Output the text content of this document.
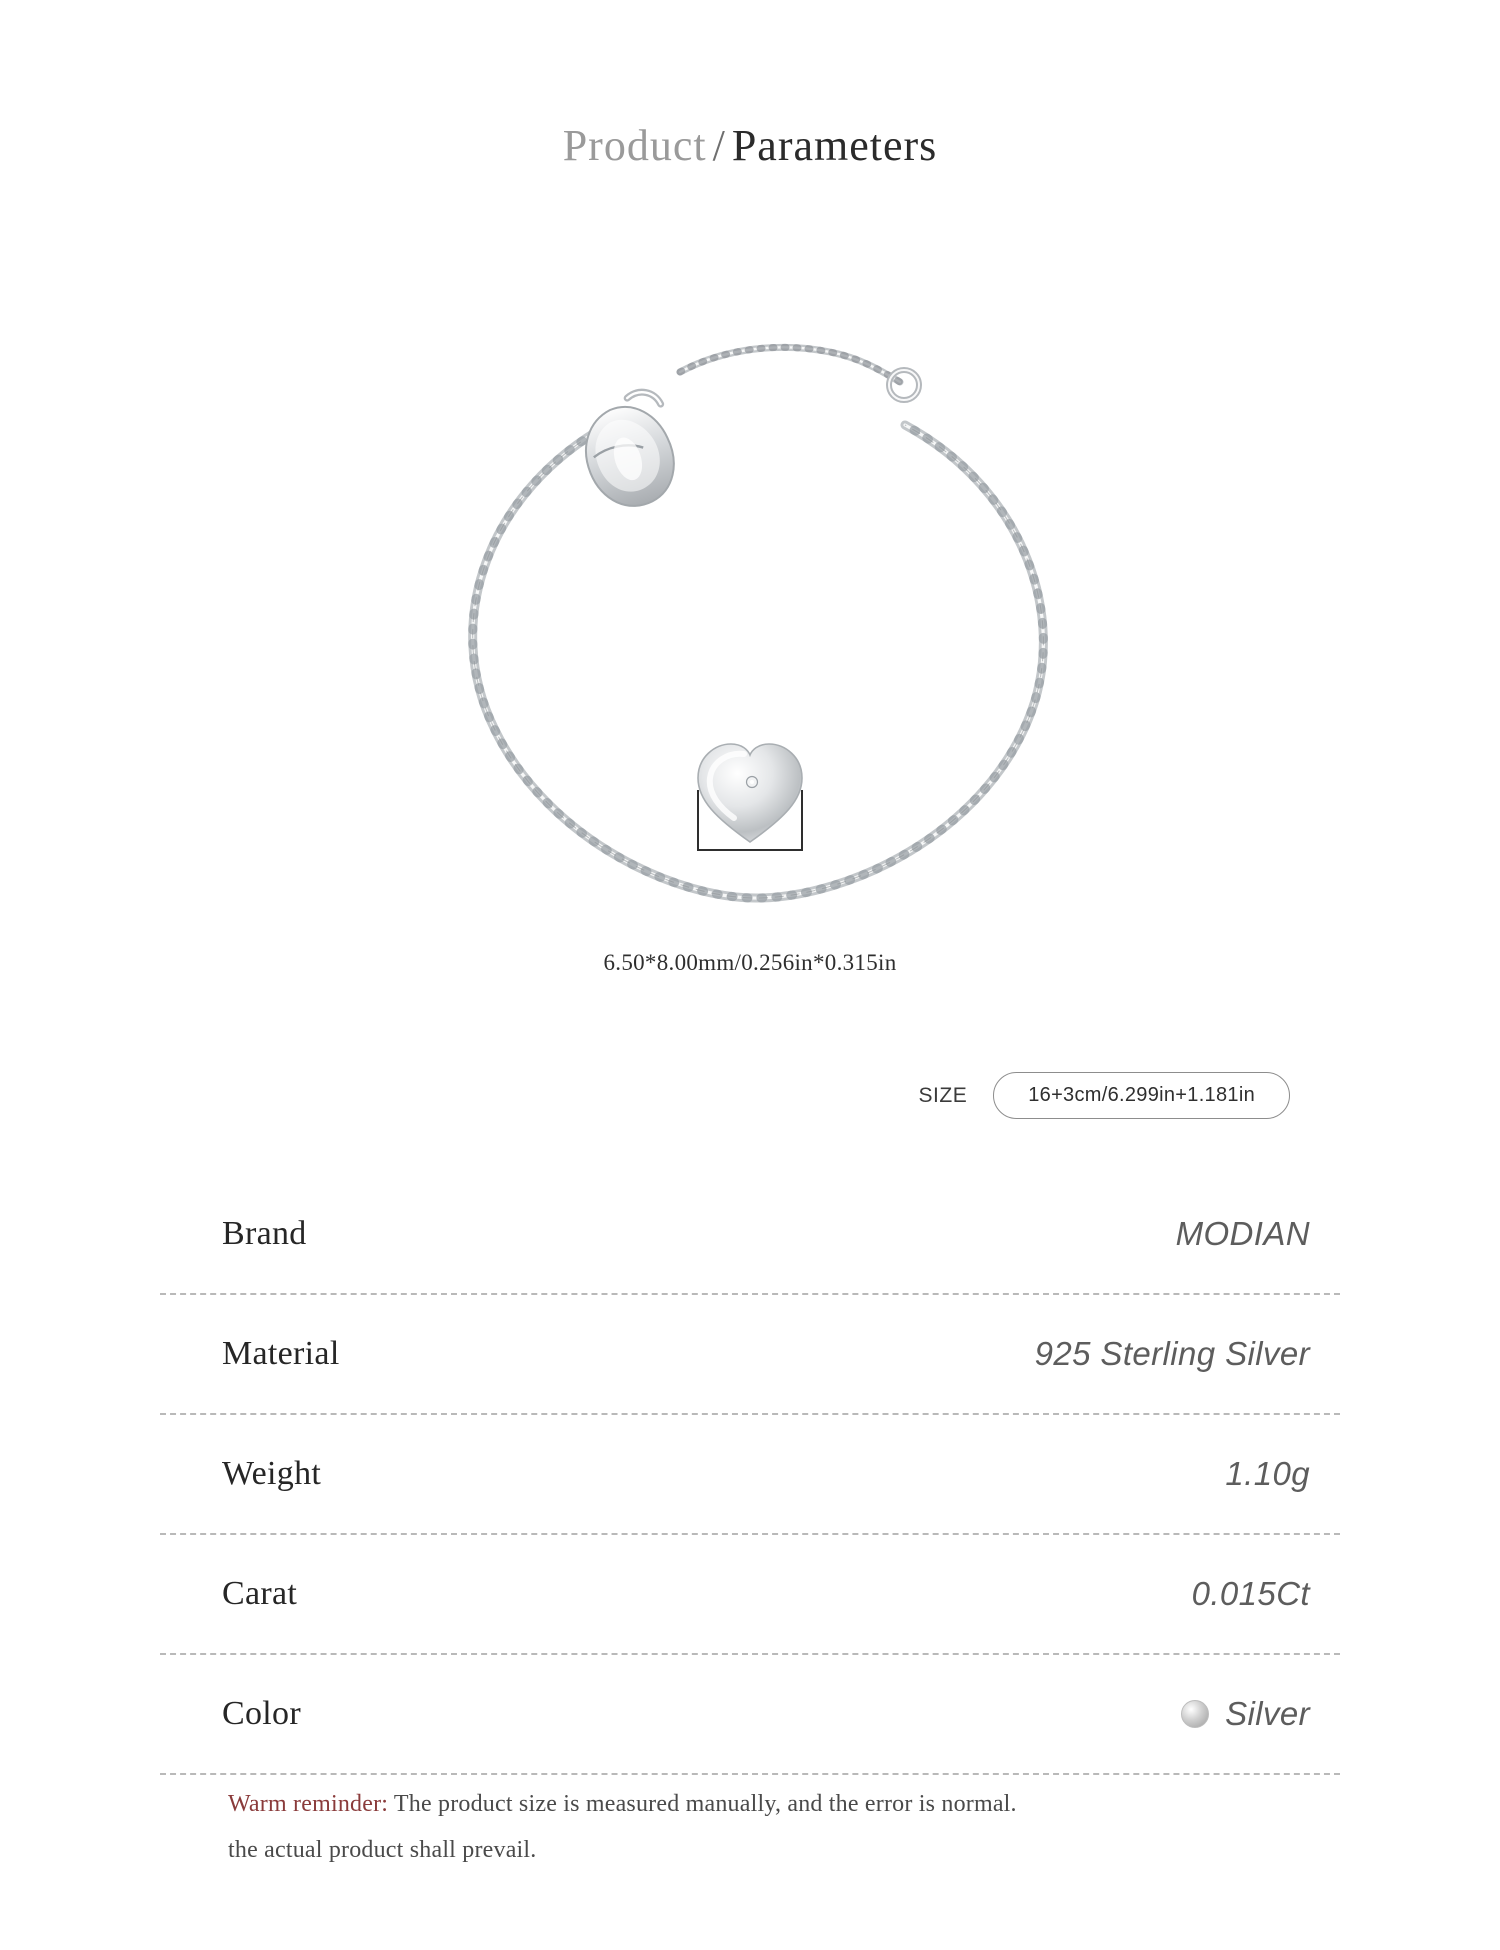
Product / Parameters
6.50*8.00mm/0.256in*0.315in
SIZE	16+3cm/6.299in+1.181in
Brand	MODIAN
Material	925 Sterling Silver
Weight	1.10g
Carat	0.015Ct
Color	Silver
Warm reminder: The product size is measured manually, and the error is normal.
the actual product shall prevail.
